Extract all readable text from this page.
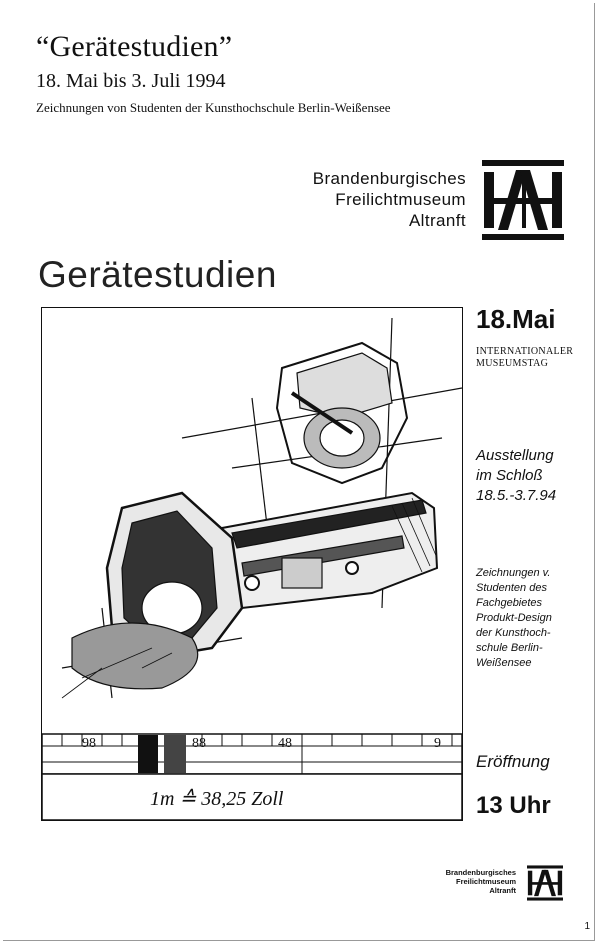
“Gerätestudien”
18. Mai bis 3. Juli 1994
Zeichnungen von Studenten der Kunsthochschule Berlin-Weißensee
Brandenburgisches
Freilichtmuseum
Altranft
Gerätestudien
98	88	48	9
1m ≙ 38,25 Zoll
18.Mai
INTERNATIONALER
MUSEUMSTAG
Ausstellung
im Schloß
18.5.-3.7.94
Zeichnungen v.
Studenten des
Fachgebietes
Produkt-Design
der Kunsthoch-
schule Berlin-
Weißensee
Eröffnung
13 Uhr
Brandenburgisches
Freilichtmuseum
Altranft
1
